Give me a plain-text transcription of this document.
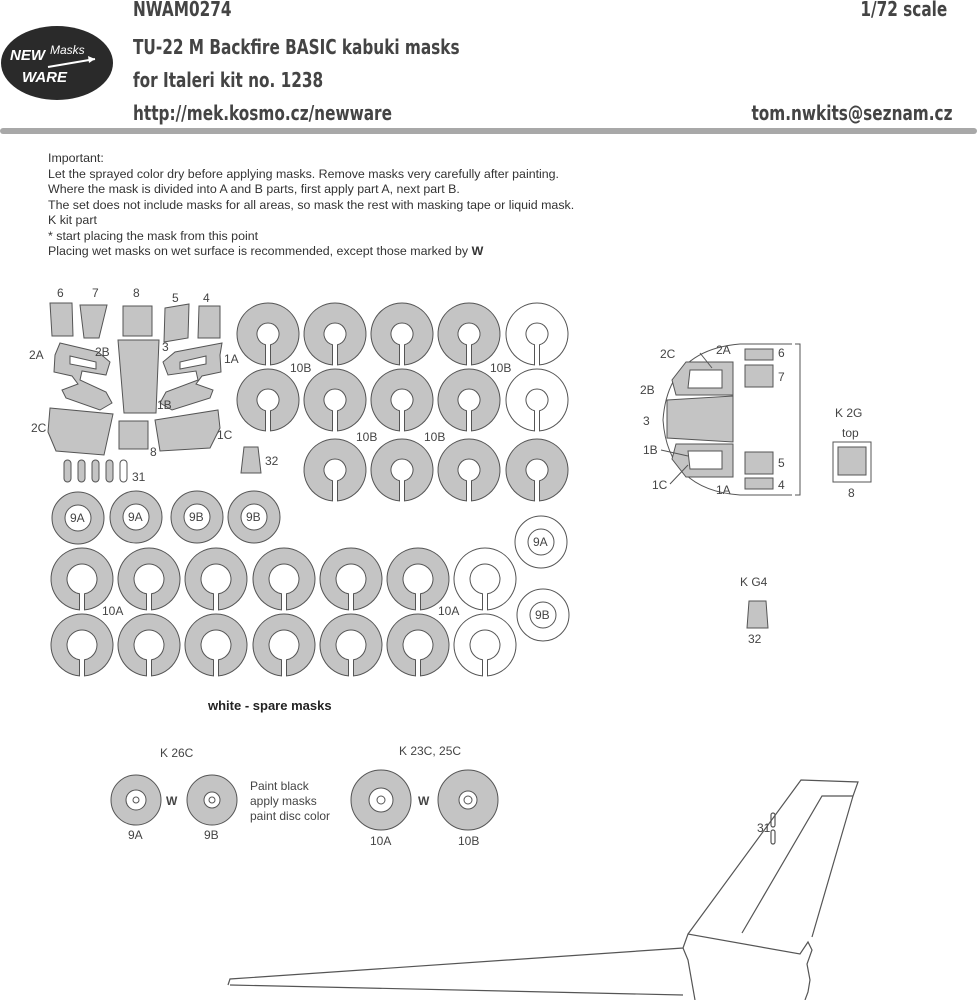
NEW Masks
WARE
NWAM0274	1/72 scale
TU-22 M Backfire BASIC kabuki masks
for Italeri kit no. 1238
http://mek.kosmo.cz/newware	tom.nwkits@seznam.cz
Important:
Let the sprayed color dry before applying masks. Remove masks very carefully after painting.
Where the mask is divided into A and B parts, first apply part A, next part B.
The set does not include masks for all areas, so mask the rest with masking tape or liquid mask.
K kit part
* start placing the mask from this point
Placing wet masks on wet surface is recommended, except those marked by W
6 7	8	5 4
2A	2B	3
1A
1B
2C	1C
8
31
32
10B	10B
10B	10B
10A	10A
9A	9A	9B	9B
9A
9B
white - spare masks
2C	2A	6
7
2B
3
1B
5
1C	1A	4
K 2G
top
8
K G4
32
K 26C	K 23C, 25C
Paint black
apply masks
paint disc color
W	W
9A	9B	10A	10B
31
